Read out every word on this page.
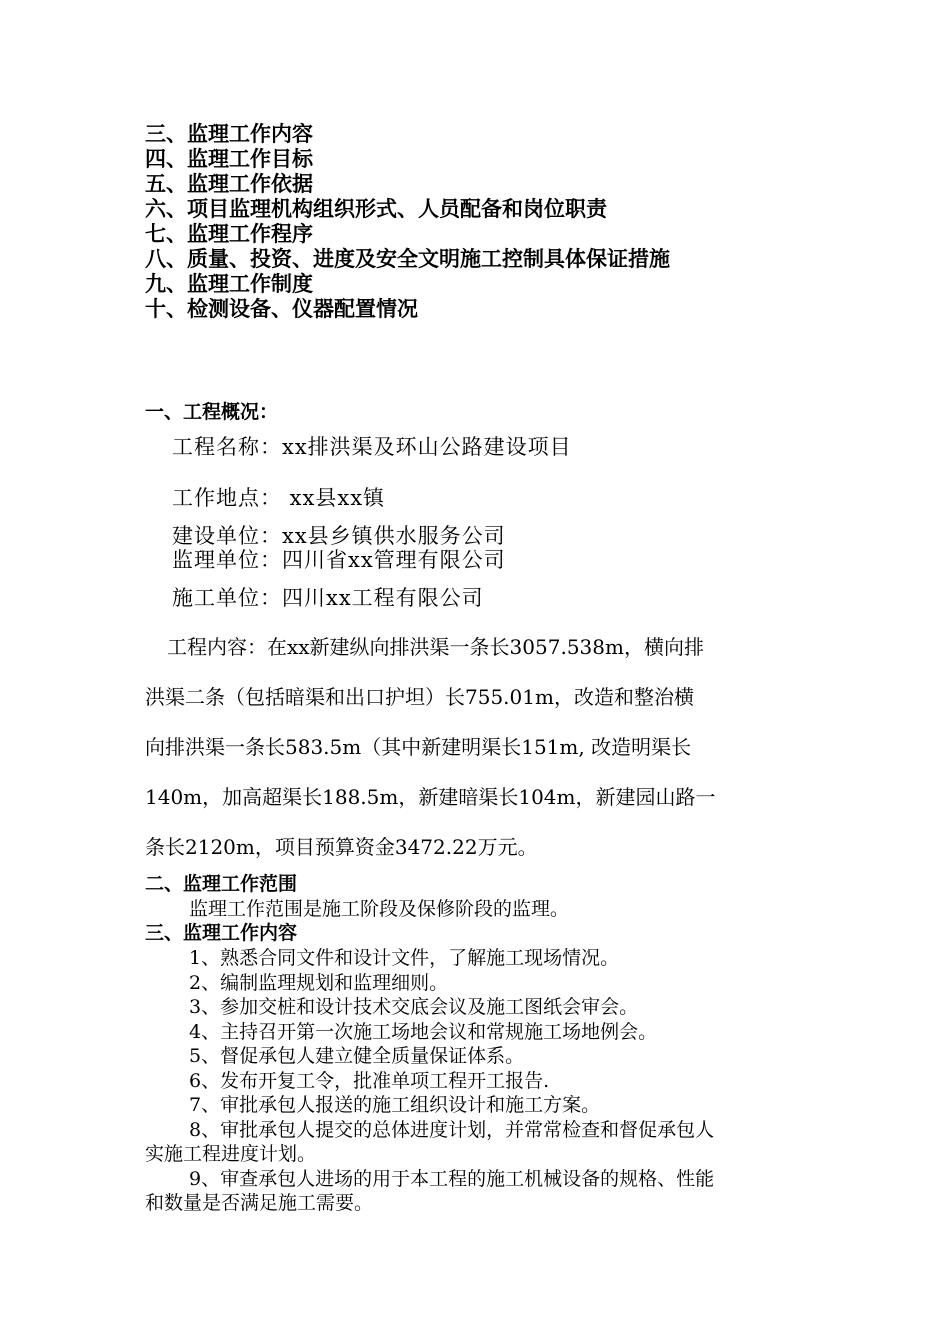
三、监理工作内容
四、监理工作目标
五、监理工作依据
六、项目监理机构组织形式、人员配备和岗位职责
七、监理工作程序
八、质量、投资、进度及安全文明施工控制具体保证措施
九、监理工作制度
十、检测设备、仪器配置情况
一、工程概况：
工程名称：xx排洪渠及环山公路建设项目
工作地点： xx县xx镇
建设单位：xx县乡镇供水服务公司
监理单位：四川省xx管理有限公司
施工单位：四川xx工程有限公司
工程内容：在xx新建纵向排洪渠一条长3057.538m，横向排
洪渠二条（包括暗渠和出口护坦）长755.01m，改造和整治横
向排洪渠一条长583.5m（其中新建明渠长151m, 改造明渠长
140m，加高超渠长188.5m，新建暗渠长104m，新建园山路一
条长2120m，项目预算资金3472.22万元。
二、监理工作范围
监理工作范围是施工阶段及保修阶段的监理。
三、监理工作内容
1、熟悉合同文件和设计文件，了解施工现场情况。
2、编制监理规划和监理细则。
3、参加交桩和设计技术交底会议及施工图纸会审会。
4、主持召开第一次施工场地会议和常规施工场地例会。
5、督促承包人建立健全质量保证体系。
6、发布开复工令，批准单项工程开工报告.
7、审批承包人报送的施工组织设计和施工方案。
8、审批承包人提交的总体进度计划，并常常检查和督促承包人
实施工程进度计划。
9、审查承包人进场的用于本工程的施工机械设备的规格、性能
和数量是否满足施工需要。
